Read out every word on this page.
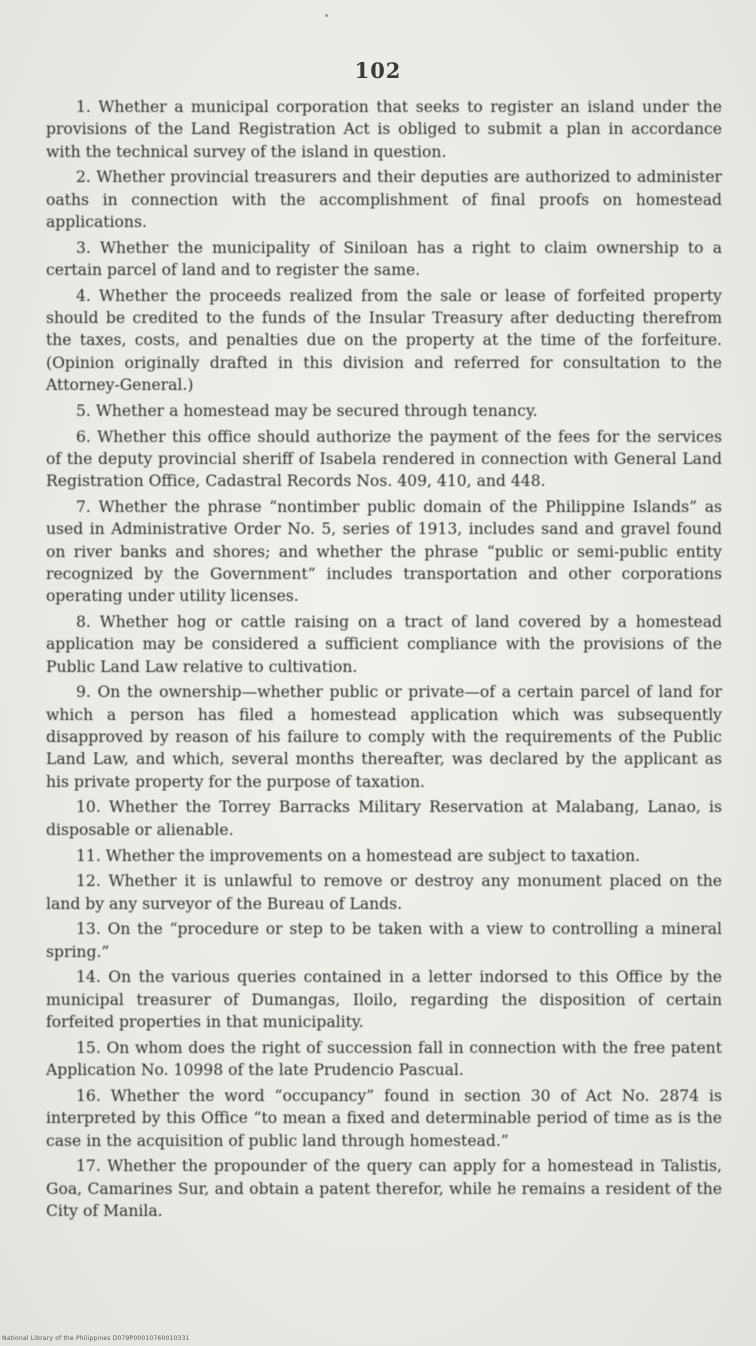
102

1. Whether a municipal corporation that seeks to register an island under the provisions of the Land Registration Act is obliged to submit a plan in accordance with the technical survey of the island in question.

2. Whether provincial treasurers and their deputies are authorized to administer oaths in connection with the accomplishment of final proofs on homestead applications.

3. Whether the municipality of Siniloan has a right to claim ownership to a certain parcel of land and to register the same.

4. Whether the proceeds realized from the sale or lease of forfeited property should be credited to the funds of the Insular Treasury after deducting therefrom the taxes, costs, and penalties due on the property at the time of the forfeiture. (Opinion originally drafted in this division and referred for consultation to the Attorney-General.)

5. Whether a homestead may be secured through tenancy.

6. Whether this office should authorize the payment of the fees for the services of the deputy provincial sheriff of Isabela rendered in connection with General Land Registration Office, Cadastral Records Nos. 409, 410, and 448.

7. Whether the phrase “nontimber public domain of the Philippine Islands” as used in Administrative Order No. 5, series of 1913, includes sand and gravel found on river banks and shores; and whether the phrase “public or semi-public entity recognized by the Government” includes transportation and other corporations operating under utility licenses.

8. Whether hog or cattle raising on a tract of land covered by a homestead application may be considered a sufficient compliance with the provisions of the Public Land Law relative to cultivation.

9. On the ownership—whether public or private—of a certain parcel of land for which a person has filed a homestead application which was subsequently disapproved by reason of his failure to comply with the requirements of the Public Land Law, and which, several months thereafter, was declared by the applicant as his private property for the purpose of taxation.

10. Whether the Torrey Barracks Military Reservation at Malabang, Lanao, is disposable or alienable.

11. Whether the improvements on a homestead are subject to taxation.

12. Whether it is unlawful to remove or destroy any monument placed on the land by any surveyor of the Bureau of Lands.

13. On the “procedure or step to be taken with a view to controlling a mineral spring.”

14. On the various queries contained in a letter indorsed to this Office by the municipal treasurer of Dumangas, Iloilo, regarding the disposition of certain forfeited properties in that municipality.

15. On whom does the right of succession fall in connection with the free patent Application No. 10998 of the late Prudencio Pascual.

16. Whether the word “occupancy” found in section 30 of Act No. 2874 is interpreted by this Office “to mean a fixed and determinable period of time as is the case in the acquisition of public land through homestead.”

17. Whether the propounder of the query can apply for a homestead in Talistis, Goa, Camarines Sur, and obtain a patent therefor, while he remains a resident of the City of Manila.

National Library of the Philippines D079P00010760010331
